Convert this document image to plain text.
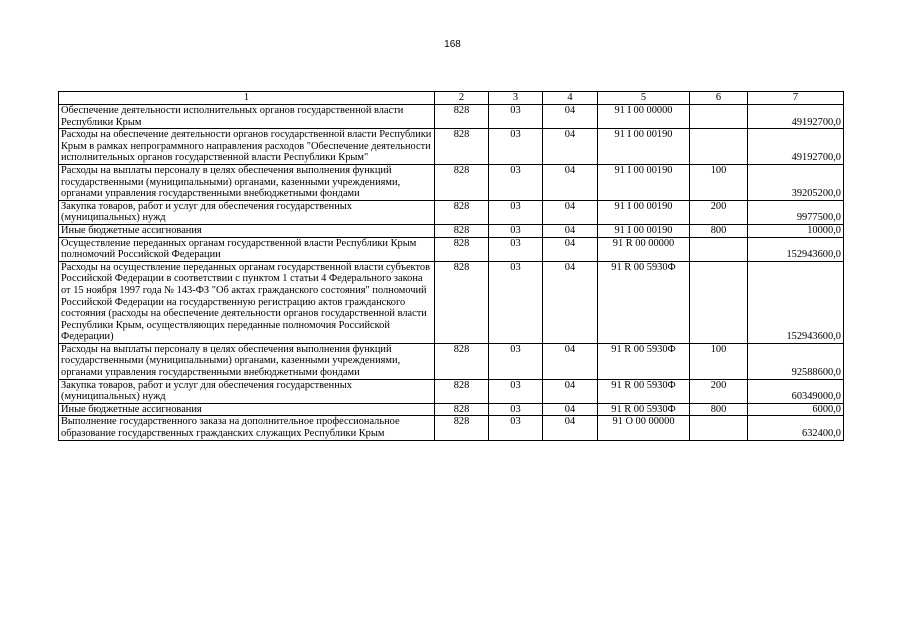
168
1	2	3	4	5	6	7
Обеспечение деятельности исполнительных органов государственной власти Республики Крым	828	03	04	91 I 00 00000		49192700,0
Расходы на обеспечение деятельности органов государственной власти Республики Крым в рамках непрограммного направления расходов "Обеспечение деятельности исполнительных органов государственной власти Республики Крым"	828	03	04	91 I 00 00190		49192700,0
Расходы на выплаты персоналу в целях обеспечения выполнения функций государственными (муниципальными) органами, казенными учреждениями, органами управления государственными внебюджетными фондами	828	03	04	91 I 00 00190	100	39205200,0
Закупка товаров, работ и услуг для обеспечения государственных (муниципальных) нужд	828	03	04	91 I 00 00190	200	9977500,0
Иные бюджетные ассигнования	828	03	04	91 I 00 00190	800	10000,0
Осуществление переданных органам государственной власти Республики Крым полномочий Российской Федерации	828	03	04	91 R 00 00000		152943600,0
Расходы на осуществление переданных органам государственной власти субъектов Российской Федерации в соответствии с пунктом 1 статьи 4 Федерального закона от 15 ноября 1997 года № 143-ФЗ "Об актах гражданского состояния" полномочий Российской Федерации на государственную регистрацию актов гражданского состояния (расходы на обеспечение деятельности органов государственной власти Республики Крым, осуществляющих переданные полномочия Российской Федерации)	828	03	04	91 R 00 5930Ф		152943600,0
Расходы на выплаты персоналу в целях обеспечения выполнения функций государственными (муниципальными) органами, казенными учреждениями, органами управления государственными внебюджетными фондами	828	03	04	91 R 00 5930Ф	100	92588600,0
Закупка товаров, работ и услуг для обеспечения государственных (муниципальных) нужд	828	03	04	91 R 00 5930Ф	200	60349000,0
Иные бюджетные ассигнования	828	03	04	91 R 00 5930Ф	800	6000,0
Выполнение государственного заказа на дополнительное профессиональное образование государственных гражданских служащих Республики Крым	828	03	04	91 О 00 00000		632400,0
